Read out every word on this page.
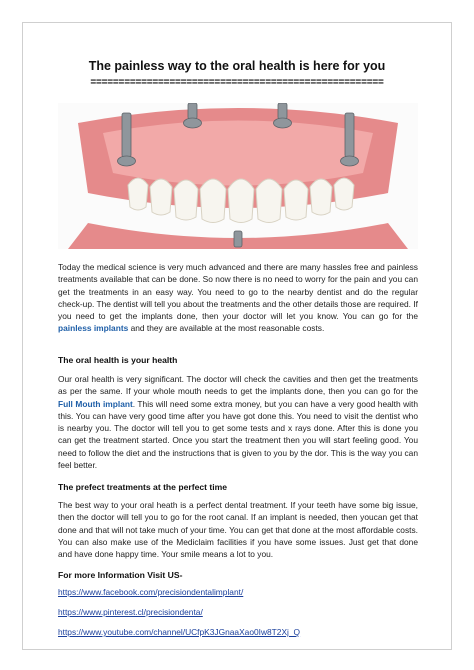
The painless way to the oral health is here for you
====================================================
Today the medical science is very much advanced and there are many hassles free and painless treatments available that can be done. So now there is no need to worry for the pain and you can get the treatments in an easy way. You need to go to the nearby dentist and do the regular check-up. The dentist will tell you about the treatments and the other details those are required. If you need to get the implants done, then your doctor will let you know. You can go for the painless implants and they are available at the most reasonable costs.
The oral health is your health
Our oral health is very significant. The doctor will check the cavities and then get the treatments as per the same. If your whole mouth needs to get the implants done, then you can go for the Full Mouth implant. This will need some extra money, but you can have a very good health with this. You can have very good time after you have got done this. You need to visit the dentist who is nearby you. The doctor will tell you to get some tests and x rays done. After this is done you can get the treatment started. Once you start the treatment then you will start feeling good. You need to follow the diet and the instructions that is given to you by the dor. This is the way you can feel better.
The prefect treatments at the perfect time
The best way to your oral heath is a perfect dental treatment. If your teeth have some big issue, then the doctor will tell you to go for the root canal. If an implant is needed, then youcan get that done and that will not take much of your time. You can get that done at the most affordable costs. You can also make use of the Mediclaim facilities if you have some issues. Just get that done and have done happy time. Your smile means a lot to you.
For more Information Visit US-
https://www.facebook.com/precisiondentalimplant/
https://www.pinterest.cl/precisiondenta/
https://www.youtube.com/channel/UCfpK3JGnaaXao0Iw8T2Xj_Q
